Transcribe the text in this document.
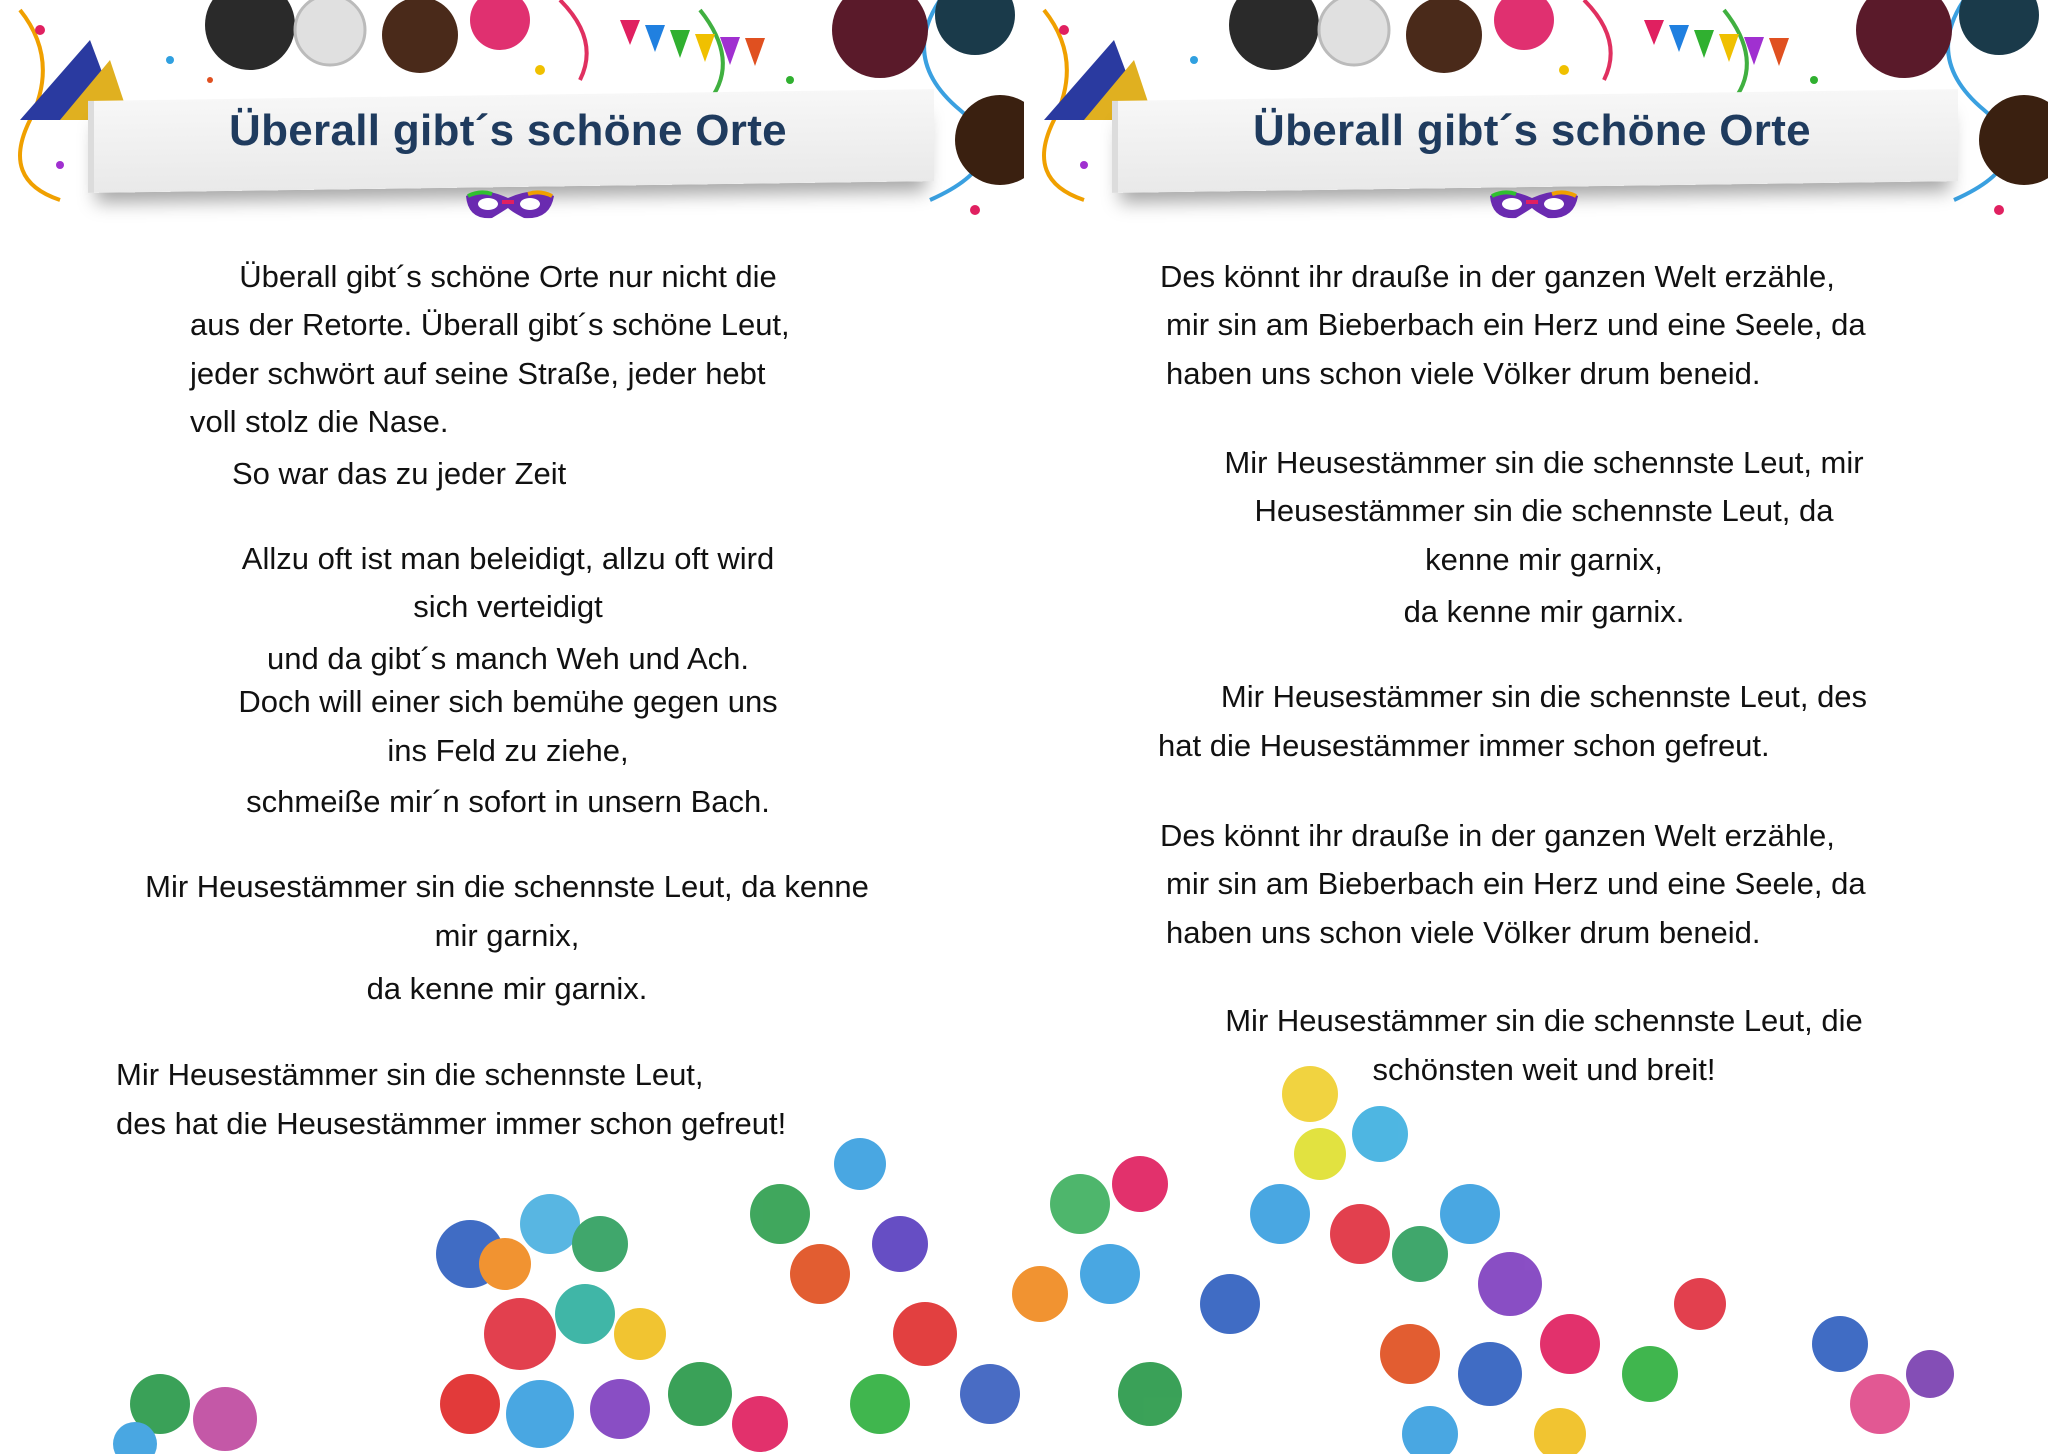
Überall gibt´s schöne Orte
Überall gibt´s schöne Orte nur nicht die
aus der Retorte. Überall gibt´s schöne Leut,
jeder schwört auf seine Straße, jeder hebt
voll stolz die Nase.
So war das zu jeder Zeit
Allzu oft ist man beleidigt, allzu oft wird
sich verteidigt
und da gibt´s manch Weh und Ach.
Doch will einer sich bemühe gegen uns
ins Feld zu ziehe,
schmeiße mir´n sofort in unsern Bach.
Mir Heusestämmer sin die schennste Leut, da kenne
mir garnix,
da kenne mir garnix.
Mir Heusestämmer sin die schennste Leut,
des hat die Heusestämmer immer schon gefreut!
Überall gibt´s schöne Orte
Des könnt ihr drauße in der ganzen Welt erzähle,
mir sin am Bieberbach ein Herz und eine Seele, da
haben uns schon viele Völker drum beneid.
Mir Heusestämmer sin die schennste Leut, mir
Heusestämmer sin die schennste Leut, da
kenne mir garnix,
da kenne mir garnix.
Mir Heusestämmer sin die schennste Leut, des
hat die Heusestämmer immer schon gefreut.
Des könnt ihr drauße in der ganzen Welt erzähle,
mir sin am Bieberbach ein Herz und eine Seele, da
haben uns schon viele Völker drum beneid.
Mir Heusestämmer sin die schennste Leut, die
schönsten weit und breit!
